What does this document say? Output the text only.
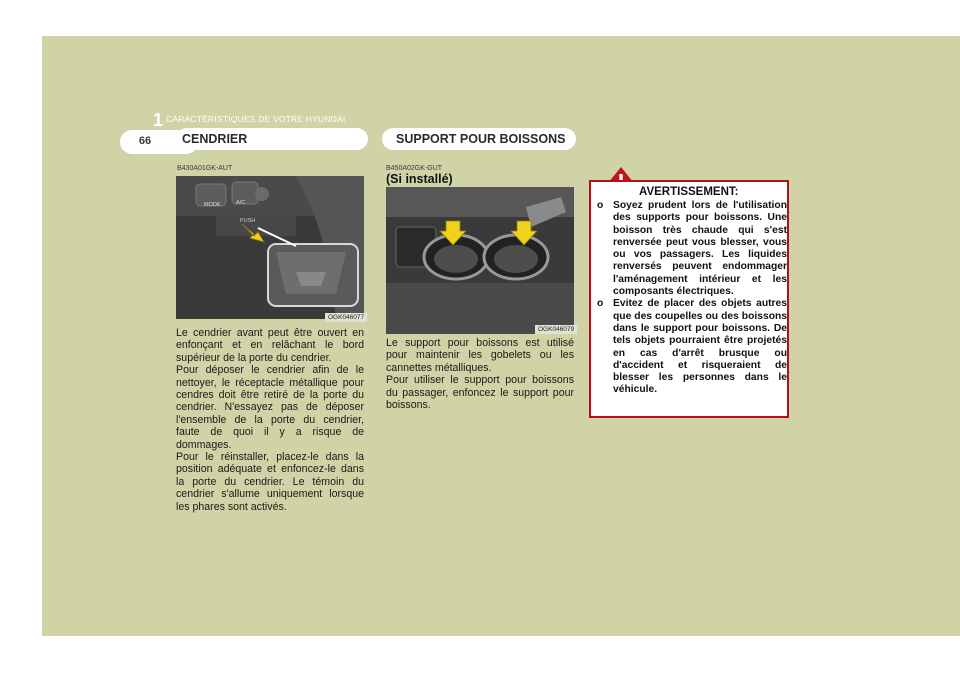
1 CARACTÉRISTIQUES DE VOTRE HYUNDAI
66	CENDRIER
B430A01GK-AUT
MODE	A/C
PUSH
OGK046077
Le cendrier avant peut être ouvert en enfonçant et en relâchant le bord supérieur de la porte du cendrier.
Pour déposer le cendrier afin de le nettoyer, le réceptacle métallique pour cendres doit être retiré de la porte du cendrier. N'essayez pas de déposer l'ensemble de la porte du cendrier, faute de quoi il y a risque de dommages.
Pour le réinstaller, placez-le dans la position adéquate et enfoncez-le dans la porte du cendrier. Le témoin du cendrier s'allume uniquement lorsque les phares sont activés.
SUPPORT POUR BOISSONS
B450A02GK-GUT
(Si installé)
OGK046079
Le support pour boissons est utilisé pour maintenir les gobelets ou les cannettes métalliques.
Pour utiliser le support pour boissons du passager, enfoncez le support pour boissons.
AVERTISSEMENT:
o Soyez prudent lors de l'utilisation des supports pour boissons. Une boisson très chaude qui s'est renversée peut vous blesser, vous ou vos passagers. Les liquides renversés peuvent endommager l'aménagement intérieur et les composants électriques.
o Evitez de placer des objets autres que des coupelles ou des boissons dans le support pour boissons. De tels objets pourraient être projetés en cas d'arrêt brusque ou d'accident et risqueraient de blesser les personnes dans le véhicule.
